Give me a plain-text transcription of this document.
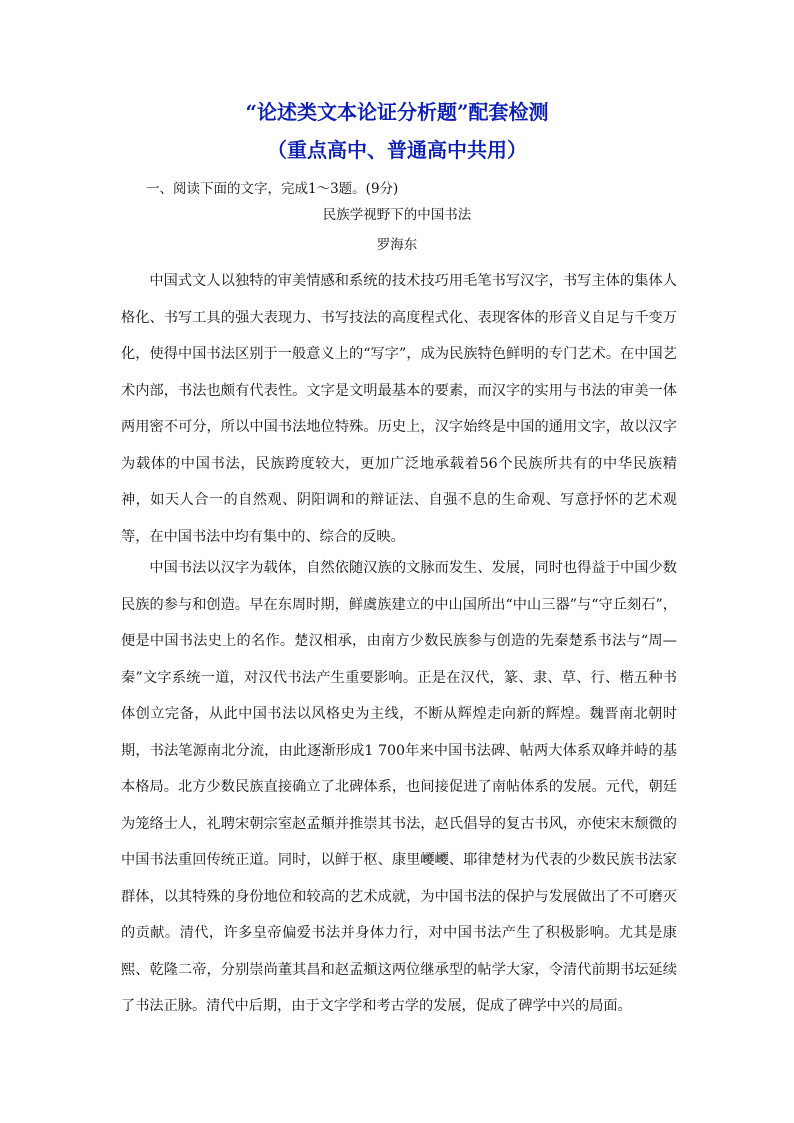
“论述类文本论证分析题”配套检测
（重点高中、普通高中共用）
一、阅读下面的文字，完成1～3题。(9分)
民族学视野下的中国书法
罗海东

中国式文人以独特的审美情感和系统的技术技巧用毛笔书写汉字，书写主体的集体人格化、书写工具的强大表现力、书写技法的高度程式化、表现客体的形音义自足与千变万化，使得中国书法区别于一般意义上的“写字”，成为民族特色鲜明的专门艺术。在中国艺术内部，书法也颇有代表性。文字是文明最基本的要素，而汉字的实用与书法的审美一体两用密不可分，所以中国书法地位特殊。历史上，汉字始终是中国的通用文字，故以汉字为载体的中国书法，民族跨度较大，更加广泛地承载着56个民族所共有的中华民族精神，如天人合一的自然观、阴阳调和的辩证法、自强不息的生命观、写意抒怀的艺术观等，在中国书法中均有集中的、综合的反映。

中国书法以汉字为载体，自然依随汉族的文脉而发生、发展，同时也得益于中国少数民族的参与和创造。早在东周时期，鲜虞族建立的中山国所出“中山三器”与“守丘刻石”，便是中国书法史上的名作。楚汉相承，由南方少数民族参与创造的先秦楚系书法与“周—秦”文字系统一道，对汉代书法产生重要影响。正是在汉代，篆、隶、草、行、楷五种书体创立完备，从此中国书法以风格史为主线，不断从辉煌走向新的辉煌。魏晋南北朝时期，书法笔源南北分流，由此逐渐形成1 700年来中国书法碑、帖两大体系双峰并峙的基本格局。北方少数民族直接确立了北碑体系，也间接促进了南帖体系的发展。元代，朝廷为笼络士人，礼聘宋朝宗室赵孟頫并推崇其书法，赵氏倡导的复古书风，亦使宋末颓微的中国书法重回传统正道。同时，以鲜于枢、康里巎巎、耶律楚材为代表的少数民族书法家群体，以其特殊的身份地位和较高的艺术成就，为中国书法的保护与发展做出了不可磨灭的贡献。清代，许多皇帝偏爱书法并身体力行，对中国书法产生了积极影响。尤其是康熙、乾隆二帝，分别崇尚董其昌和赵孟頫这两位继承型的帖学大家，令清代前期书坛延续了书法正脉。清代中后期，由于文字学和考古学的发展，促成了碑学中兴的局面。
